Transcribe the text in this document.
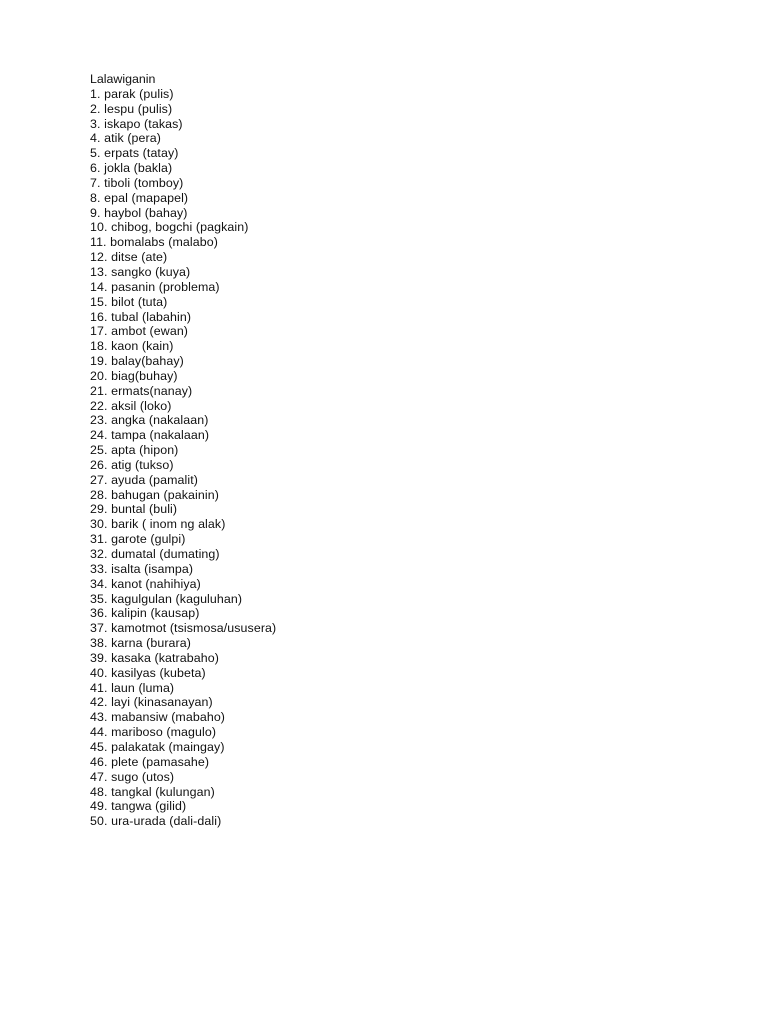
Lalawiganin
1. parak (pulis)
2. lespu (pulis)
3. iskapo (takas)
4. atik (pera)
5. erpats (tatay)
6. jokla (bakla)
7. tiboli (tomboy)
8. epal (mapapel)
9. haybol (bahay)
10. chibog, bogchi (pagkain)
11. bomalabs (malabo)
12. ditse (ate)
13. sangko (kuya)
14. pasanin (problema)
15. bilot (tuta)
16. tubal (labahin)
17. ambot (ewan)
18. kaon (kain)
19. balay(bahay)
20. biag(buhay)
21. ermats(nanay)
22. aksil (loko)
23. angka (nakalaan)
24. tampa (nakalaan)
25. apta (hipon)
26. atig (tukso)
27. ayuda (pamalit)
28. bahugan (pakainin)
29. buntal (buli)
30. barik ( inom ng alak)
31. garote (gulpi)
32. dumatal (dumating)
33. isalta (isampa)
34. kanot (nahihiya)
35. kagulgulan (kaguluhan)
36. kalipin (kausap)
37. kamotmot (tsismosa/ususera)
38. karna (burara)
39. kasaka (katrabaho)
40. kasilyas (kubeta)
41. laun (luma)
42. layi (kinasanayan)
43. mabansiw (mabaho)
44. mariboso (magulo)
45. palakatak (maingay)
46. plete (pamasahe)
47. sugo (utos)
48. tangkal (kulungan)
49. tangwa (gilid)
50. ura-urada (dali-dali)
